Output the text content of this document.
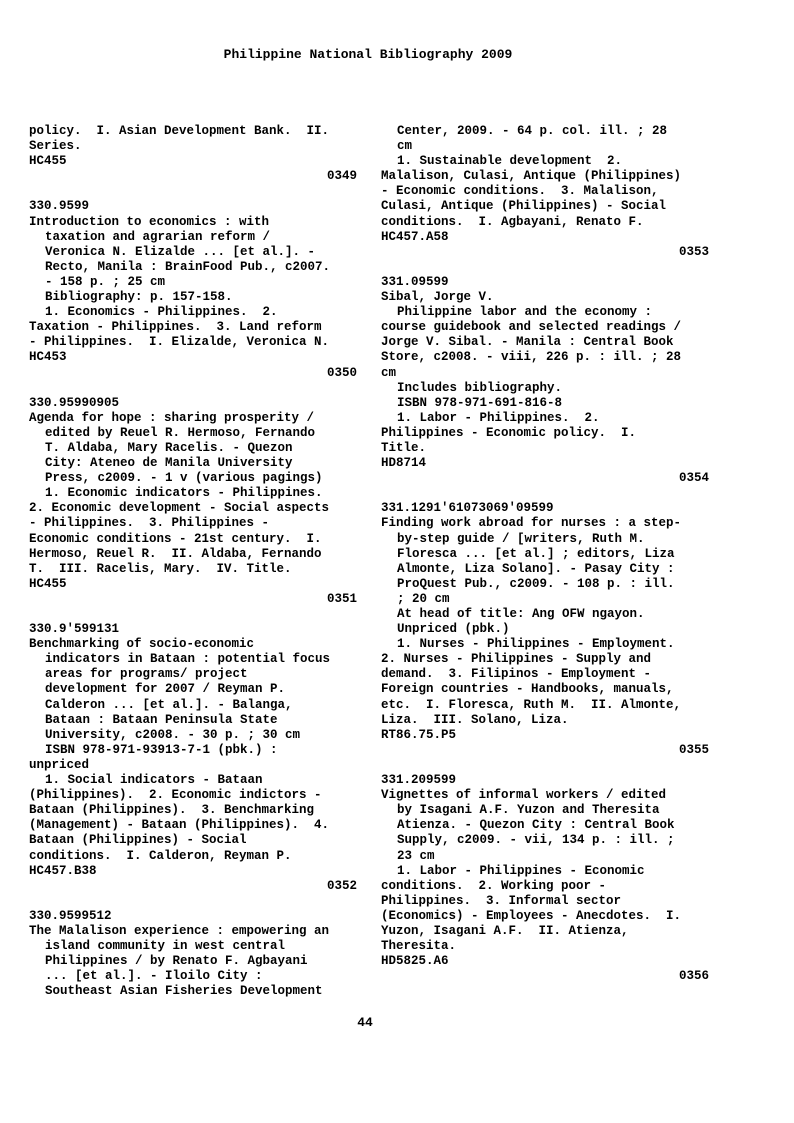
Philippine National Bibliography 2009
policy.  I. Asian Development Bank.  II.
Series.
HC455
0349
330.9599
Introduction to economics : with
taxation and agrarian reform /
Veronica N. Elizalde ... [et al.]. -
Recto, Manila : BrainFood Pub., c2007.
- 158 p. ; 25 cm
Bibliography: p. 157-158.
1. Economics - Philippines.  2.
Taxation - Philippines.  3. Land reform
- Philippines.  I. Elizalde, Veronica N.
HC453
0350
330.95990905
Agenda for hope : sharing prosperity /
edited by Reuel R. Hermoso, Fernando
T. Aldaba, Mary Racelis. - Quezon
City: Ateneo de Manila University
Press, c2009. - 1 v (various pagings)
1. Economic indicators - Philippines.
2. Economic development - Social aspects
- Philippines.  3. Philippines -
Economic conditions - 21st century.  I.
Hermoso, Reuel R.  II. Aldaba, Fernando
T.  III. Racelis, Mary.  IV. Title.
HC455
0351
330.9'599131
Benchmarking of socio-economic
indicators in Bataan : potential focus
areas for programs/ project
development for 2007 / Reyman P.
Calderon ... [et al.]. - Balanga,
Bataan : Bataan Peninsula State
University, c2008. - 30 p. ; 30 cm
ISBN 978-971-93913-7-1 (pbk.) :
unpriced
1. Social indicators - Bataan
(Philippines).  2. Economic indictors -
Bataan (Philippines).  3. Benchmarking
(Management) - Bataan (Philippines).  4.
Bataan (Philippines) - Social
conditions.  I. Calderon, Reyman P.
HC457.B38
0352
330.9599512
The Malalison experience : empowering an
island community in west central
Philippines / by Renato F. Agbayani
... [et al.]. - Iloilo City :
Southeast Asian Fisheries Development
Center, 2009. - 64 p. col. ill. ; 28
cm
1. Sustainable development  2.
Malalison, Culasi, Antique (Philippines)
- Economic conditions.  3. Malalison,
Culasi, Antique (Philippines) - Social
conditions.  I. Agbayani, Renato F.
HC457.A58
0353
331.09599
Sibal, Jorge V.
Philippine labor and the economy :
course guidebook and selected readings /
Jorge V. Sibal. - Manila : Central Book
Store, c2008. - viii, 226 p. : ill. ; 28
cm
Includes bibliography.
ISBN 978-971-691-816-8
1. Labor - Philippines.  2.
Philippines - Economic policy.  I.
Title.
HD8714
0354
331.1291'61073069'09599
Finding work abroad for nurses : a step-
by-step guide / [writers, Ruth M.
Floresca ... [et al.] ; editors, Liza
Almonte, Liza Solano]. - Pasay City :
ProQuest Pub., c2009. - 108 p. : ill.
; 20 cm
At head of title: Ang OFW ngayon.
Unpriced (pbk.)
1. Nurses - Philippines - Employment.
2. Nurses - Philippines - Supply and
demand.  3. Filipinos - Employment -
Foreign countries - Handbooks, manuals,
etc.  I. Floresca, Ruth M.  II. Almonte,
Liza.  III. Solano, Liza.
RT86.75.P5
0355
331.209599
Vignettes of informal workers / edited
by Isagani A.F. Yuzon and Theresita
Atienza. - Quezon City : Central Book
Supply, c2009. - vii, 134 p. : ill. ;
23 cm
1. Labor - Philippines - Economic
conditions.  2. Working poor -
Philippines.  3. Informal sector
(Economics) - Employees - Anecdotes.  I.
Yuzon, Isagani A.F.  II. Atienza,
Theresita.
HD5825.A6
0356
44
